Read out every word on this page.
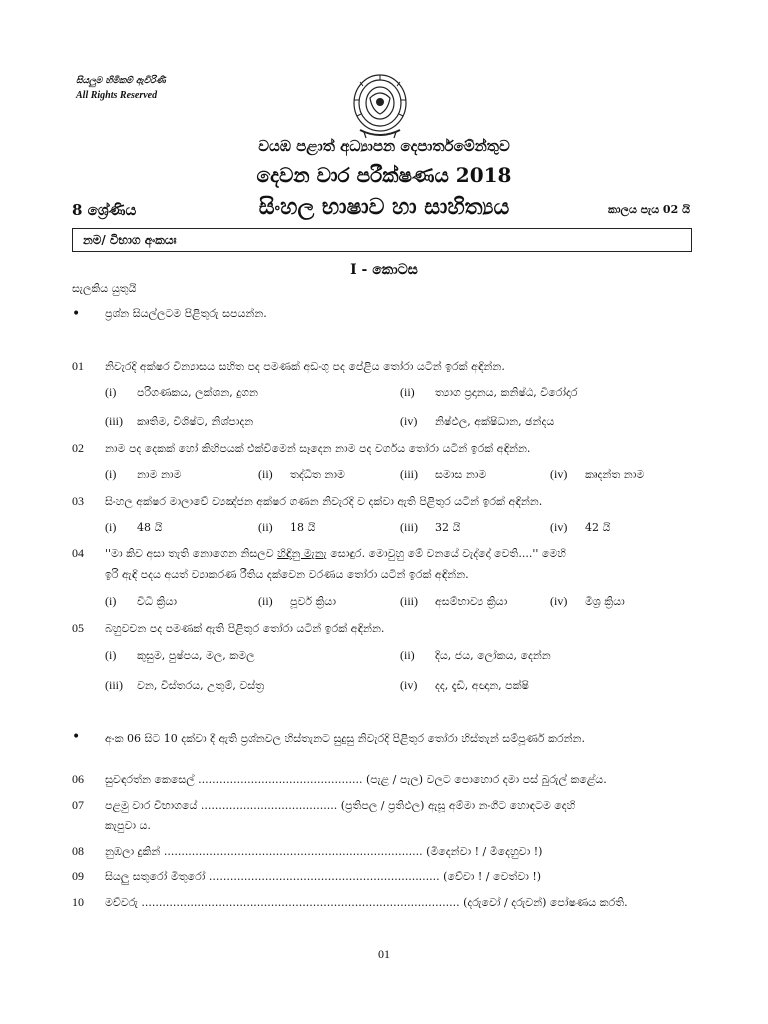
සියලුම හිමිකම් ඇවිරිණි
All Rights Reserved
වයඹ පළාත් අධ්‍යාපන දෙපාර්තමේන්තුව
දෙවන වාර පරීක්ෂණය 2018
8 ශ්‍රේණිය	සිංහල භාෂාව හා සාහිත්‍යය	කාලය පැය 02 යි
නම/ විභාග අංකයඃ
I - කොටස
සැලකිය යුතුයි
• ප්‍රශ්න සියල්ලටම පිළිතුරු සපයන්න.
01 නිවැරදි අක්ෂර වින්‍යාසය සහිත පද පමණක් අඩංගු පද පේළිය තෝරා යටින් ඉරක් අඳින්න.
(i) පරිගණකය, ලක්ශන, දුගන	(ii) ත්‍යාග ප්‍රදානය, කනිෂ්ඨ, වීරෝදාර
(iii) කෘතිම, විශිෂ්ට, නිශ්පාදන	(iv) නිෂ්ඵල, අක්ෂිධාන, ඡන්දය
02 නාම පද දෙකක් හෝ කිහිපයක් එක්වීමෙන් සෑදෙන නාම පද වර්ගය තෝරා යටින් ඉරක් අඳින්න.
(i) නාම නාම	(ii) තද්ධිත නාම	(iii) සමාස නාම	(iv) කෘදන්ත නාම
03 සිංහල අක්ෂර මාලාවේ ව්‍යඤ්ජන අක්ෂර ගණන නිවැරදි ව දක්වා ඇති පිළිතුර යටින් ඉරක් අඳින්න.
(i) 48 යි	(ii) 18 යි	(iii) 32 යි	(iv) 42 යි
04 ''මා කිව අසා තැති නොගෙන නිසලව හිඳිනු මැනැ සොඳුර. මොවුහු මේ වනයේ වැද්දෝ වෙති....'' මෙහි
ඉරි ඇඳි පදය අයත් ව්‍යාකරණ රීතිය දක්වෙන වරණය තෝරා යටින් ඉරක් අඳින්න.
(i) විධි ක්‍රියා	(ii) පූර්ව ක්‍රියා	(iii) අසම්භාව්‍ය ක්‍රියා	(iv) මිශ්‍ර ක්‍රියා
05 බහුවචන පද පමණක් ඇති පිළිතුර තෝරා යටින් ඉරක් අඳින්න.
(i) කුසුම, පුෂ්පය, මල, කමල	(ii) දිය, ජය, ලෝකය, දෙන්න
(iii) වන, විස්තරය, උතුම්, වස්ත්‍ර	(iv) දද, දැඩි, අඥාන, පක්ෂි
• අංක 06 සිට 10 දක්වා දී ඇති ප්‍රශ්නවල හිස්තැනට සුදුසු නිවැරදි පිළිතුර තෝරා හිස්තැන් සම්පූර්ණ කරන්න.
06 සුවඳරත්න කෙසෙල් ............................................... (පැළ / පැල) වලට පොහොර දමා පස් බුරුල් කළේය.
07 පළමු වාර විභාගයේ ....................................... (ප්‍රතිපල / ප්‍රතිඵල) ඇසූ අම්මා නංගීට හොඳටම දෙහි
කැපුවා ය.
08 නුඹලා දුකින් .......................................................................... (මිදෙන්වා ! / මිදෙහුවා !)
09 සියලු සතුරෝ මිතුරෝ .................................................................. (වේවා ! / වෙත්වා !)
10 මව්වරු ........................................................................................... (දරුවෝ / දරුවන්) පෝෂණය කරති.
01
